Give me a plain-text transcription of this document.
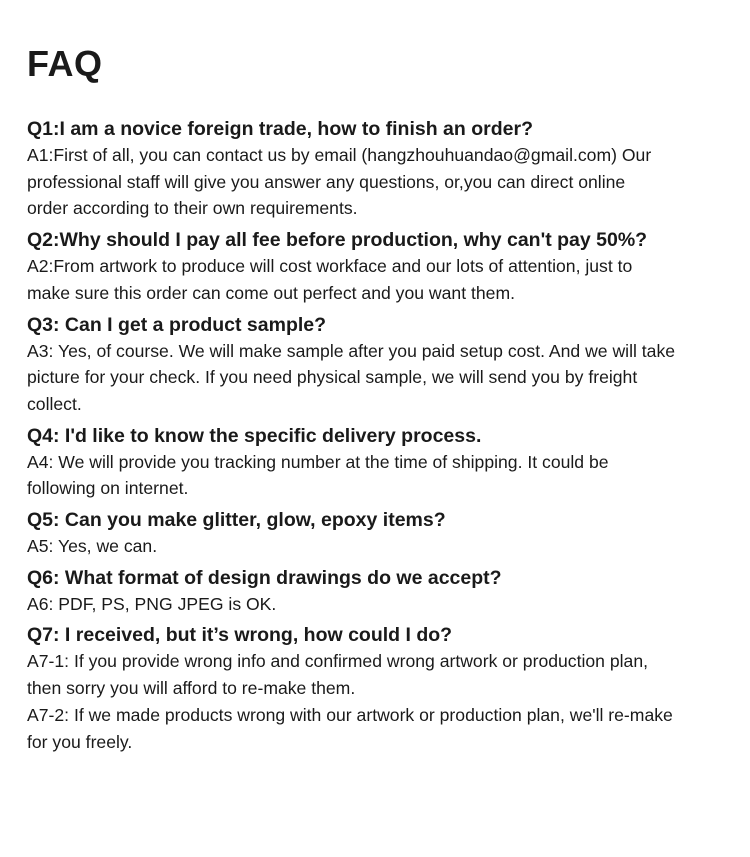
FAQ
Q1:I am a novice foreign trade, how to finish an order?

A1:First of all, you can contact us by email (hangzhouhuandao@gmail.com) Our
professional staff will give you answer any questions, or,you can direct online
order according to their own requirements.

Q2:Why should I pay all fee before production, why can't pay 50%?

A2:From artwork to produce will cost workface and our lots of attention, just to
make sure this order can come out perfect and you want them.

Q3: Can I get a product sample?

A3: Yes, of course. We will make sample after you paid setup cost. And we will take
picture for your check. If you need physical sample, we will send you by freight
collect.

Q4: I'd like to know the specific delivery process.

A4: We will provide you tracking number at the time of shipping. It could be
following on internet.

Q5: Can you make glitter, glow, epoxy items?

A5: Yes, we can.

Q6: What format of design drawings do we accept?

A6: PDF, PS, PNG JPEG is OK.

Q7: I received, but it’s wrong, how could I do?

A7-1: If you provide wrong info and confirmed wrong artwork or production plan,
then sorry you will afford to re-make them.

A7-2: If we made products wrong with our artwork or production plan, we'll re-make
for you freely.
